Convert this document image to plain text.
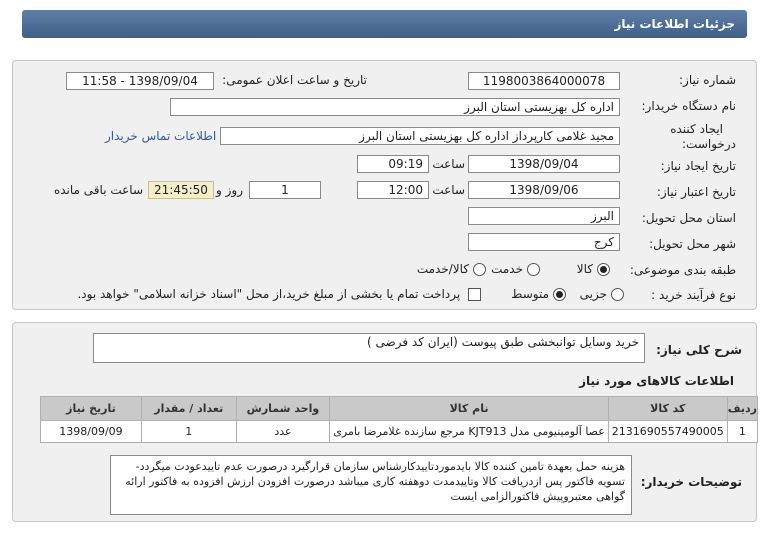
جزئیات اطلاعات نیاز
شماره نیاز:
1198003864000078
تاریخ و ساعت اعلان عمومی:
1398/09/04 - 11:58
نام دستگاه خریدار:
اداره کل بهزیستی استان البرز
ایجاد کننده
درخواست:
مجید غلامی کارپرداز اداره کل بهزیستی استان البرز
اطلاعات تماس خریدار
تاریخ ایجاد نیاز:
1398/09/04
ساعت
09:19
تاریخ اعتبار نیاز:
1398/09/06
ساعت
12:00
1
روز و
21:45:50
ساعت باقی مانده
استان محل تحویل:
البرز
شهر محل تحویل:
کرج
طبقه بندی موضوعی:
کالا
خدمت
کالا/خدمت
نوع فرآیند خرید :
جزیی
متوسط
پرداخت تمام یا بخشی از مبلغ خرید،از محل "اسناد خزانه اسلامی" خواهد بود.
شرح کلی نیاز:
خرید وسایل توانبخشی طبق پیوست (ایران کد فرضی )
اطلاعات کالاهای مورد نیاز
ردیف	کد کالا	نام کالا	واحد شمارش	تعداد / مقدار	تاریخ نیاز
1	2131690557490005	عصا آلومینیومی مدل KJT913 مرجع سازنده غلامرضا بامری	عدد	1	1398/09/09
توضیحات خریدار:
هزینه حمل بعهدة تامین کننده کالا بایدموردتاییدکارشناس سازمان قرارگیرد درصورت عدم تاییدعودت میگردد-تسویه فاکتور پس ازدریافت کالا وتاییدمدت دوهفته کاری میباشد درصورت افزودن ارزش افزوده به فاکتور ارائه گواهی معتبروپیش فاکتورالزامی ایست
